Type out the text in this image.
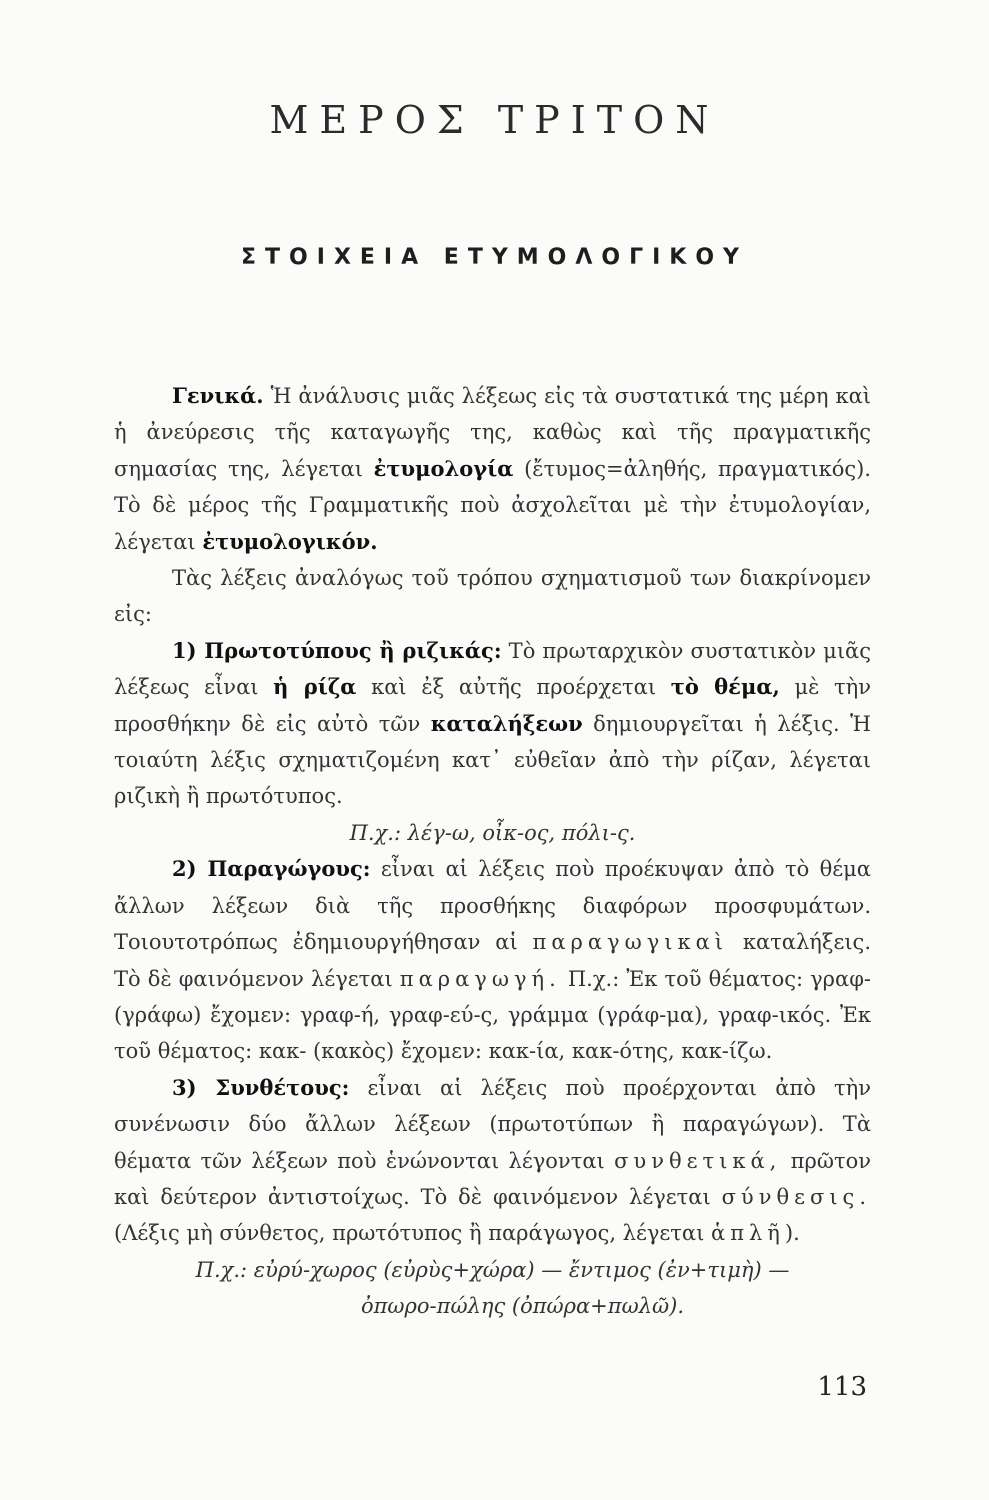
ΜΕΡΟΣ ΤΡΙΤΟΝ
ΣΤΟΙΧΕΙΑ ΕΤΥΜΟΛΟΓΙΚΟΥ

Γενικά. Ἡ ἀνάλυσις μιᾶς λέξεως εἰς τὰ συστατικά της μέρη καὶ ἡ ἀνεύρεσις τῆς καταγωγῆς της, καθὼς καὶ τῆς πραγματικῆς σημασίας της, λέγεται ἐτυμολογία (ἔτυμος=ἀληθής, πραγματικός). Τὸ δὲ μέρος τῆς Γραμματικῆς ποὺ ἀσχολεῖται μὲ τὴν ἐτυμολογίαν, λέγεται ἐτυμολογικόν.

Τὰς λέξεις ἀναλόγως τοῦ τρόπου σχηματισμοῦ των διακρίνομεν εἰς:

1) Πρωτοτύπους ἢ ριζικάς: Τὸ πρωταρχικὸν συστατικὸν μιᾶς λέξεως εἶναι ἡ ρίζα καὶ ἐξ αὐτῆς προέρχεται τὸ θέμα, μὲ τὴν προσθήκην δὲ εἰς αὐτὸ τῶν καταλήξεων δημιουργεῖται ἡ λέξις. Ἡ τοιαύτη λέξις σχηματιζομένη κατ᾽ εὐθεῖαν ἀπὸ τὴν ρίζαν, λέγεται ριζικὴ ἢ πρωτότυπος.

Π.χ.: λέγ-ω, οἶκ-ος, πόλι-ς.

2) Παραγώγους: εἶναι αἱ λέξεις ποὺ προέκυψαν ἀπὸ τὸ θέμα ἄλλων λέξεων διὰ τῆς προσθήκης διαφόρων προσφυμάτων. Τοιουτοτρόπως ἐδημιουργήθησαν αἱ παραγωγικαὶ καταλήξεις. Τὸ δὲ φαινόμενον λέγεται παραγωγή. Π.χ.: Ἐκ τοῦ θέματος: γραφ- (γράφω) ἔχομεν: γραφ-ή, γραφ-εύ-ς, γράμμα (γράφ-μα), γραφ-ικός. Ἐκ τοῦ θέματος: κακ- (κακὸς) ἔχομεν: κακ-ία, κακ-ότης, κακ-ίζω.

3) Συνθέτους: εἶναι αἱ λέξεις ποὺ προέρχονται ἀπὸ τὴν συνένωσιν δύο ἄλλων λέξεων (πρωτοτύπων ἢ παραγώγων). Τὰ θέματα τῶν λέξεων ποὺ ἑνώνονται λέγονται συνθετικά, πρῶτον καὶ δεύτερον ἀντιστοίχως. Τὸ δὲ φαινόμενον λέγεται σύνθεσις. (Λέξις μὴ σύνθετος, πρωτότυπος ἢ παράγωγος, λέγεται ἁπλῆ).

Π.χ.: εὐρύ-χωρος (εὐρὺς+χώρα) — ἔντιμος (ἐν+τιμὴ) —

ὀπωρο-πώλης (ὀπώρα+πωλῶ).

113
